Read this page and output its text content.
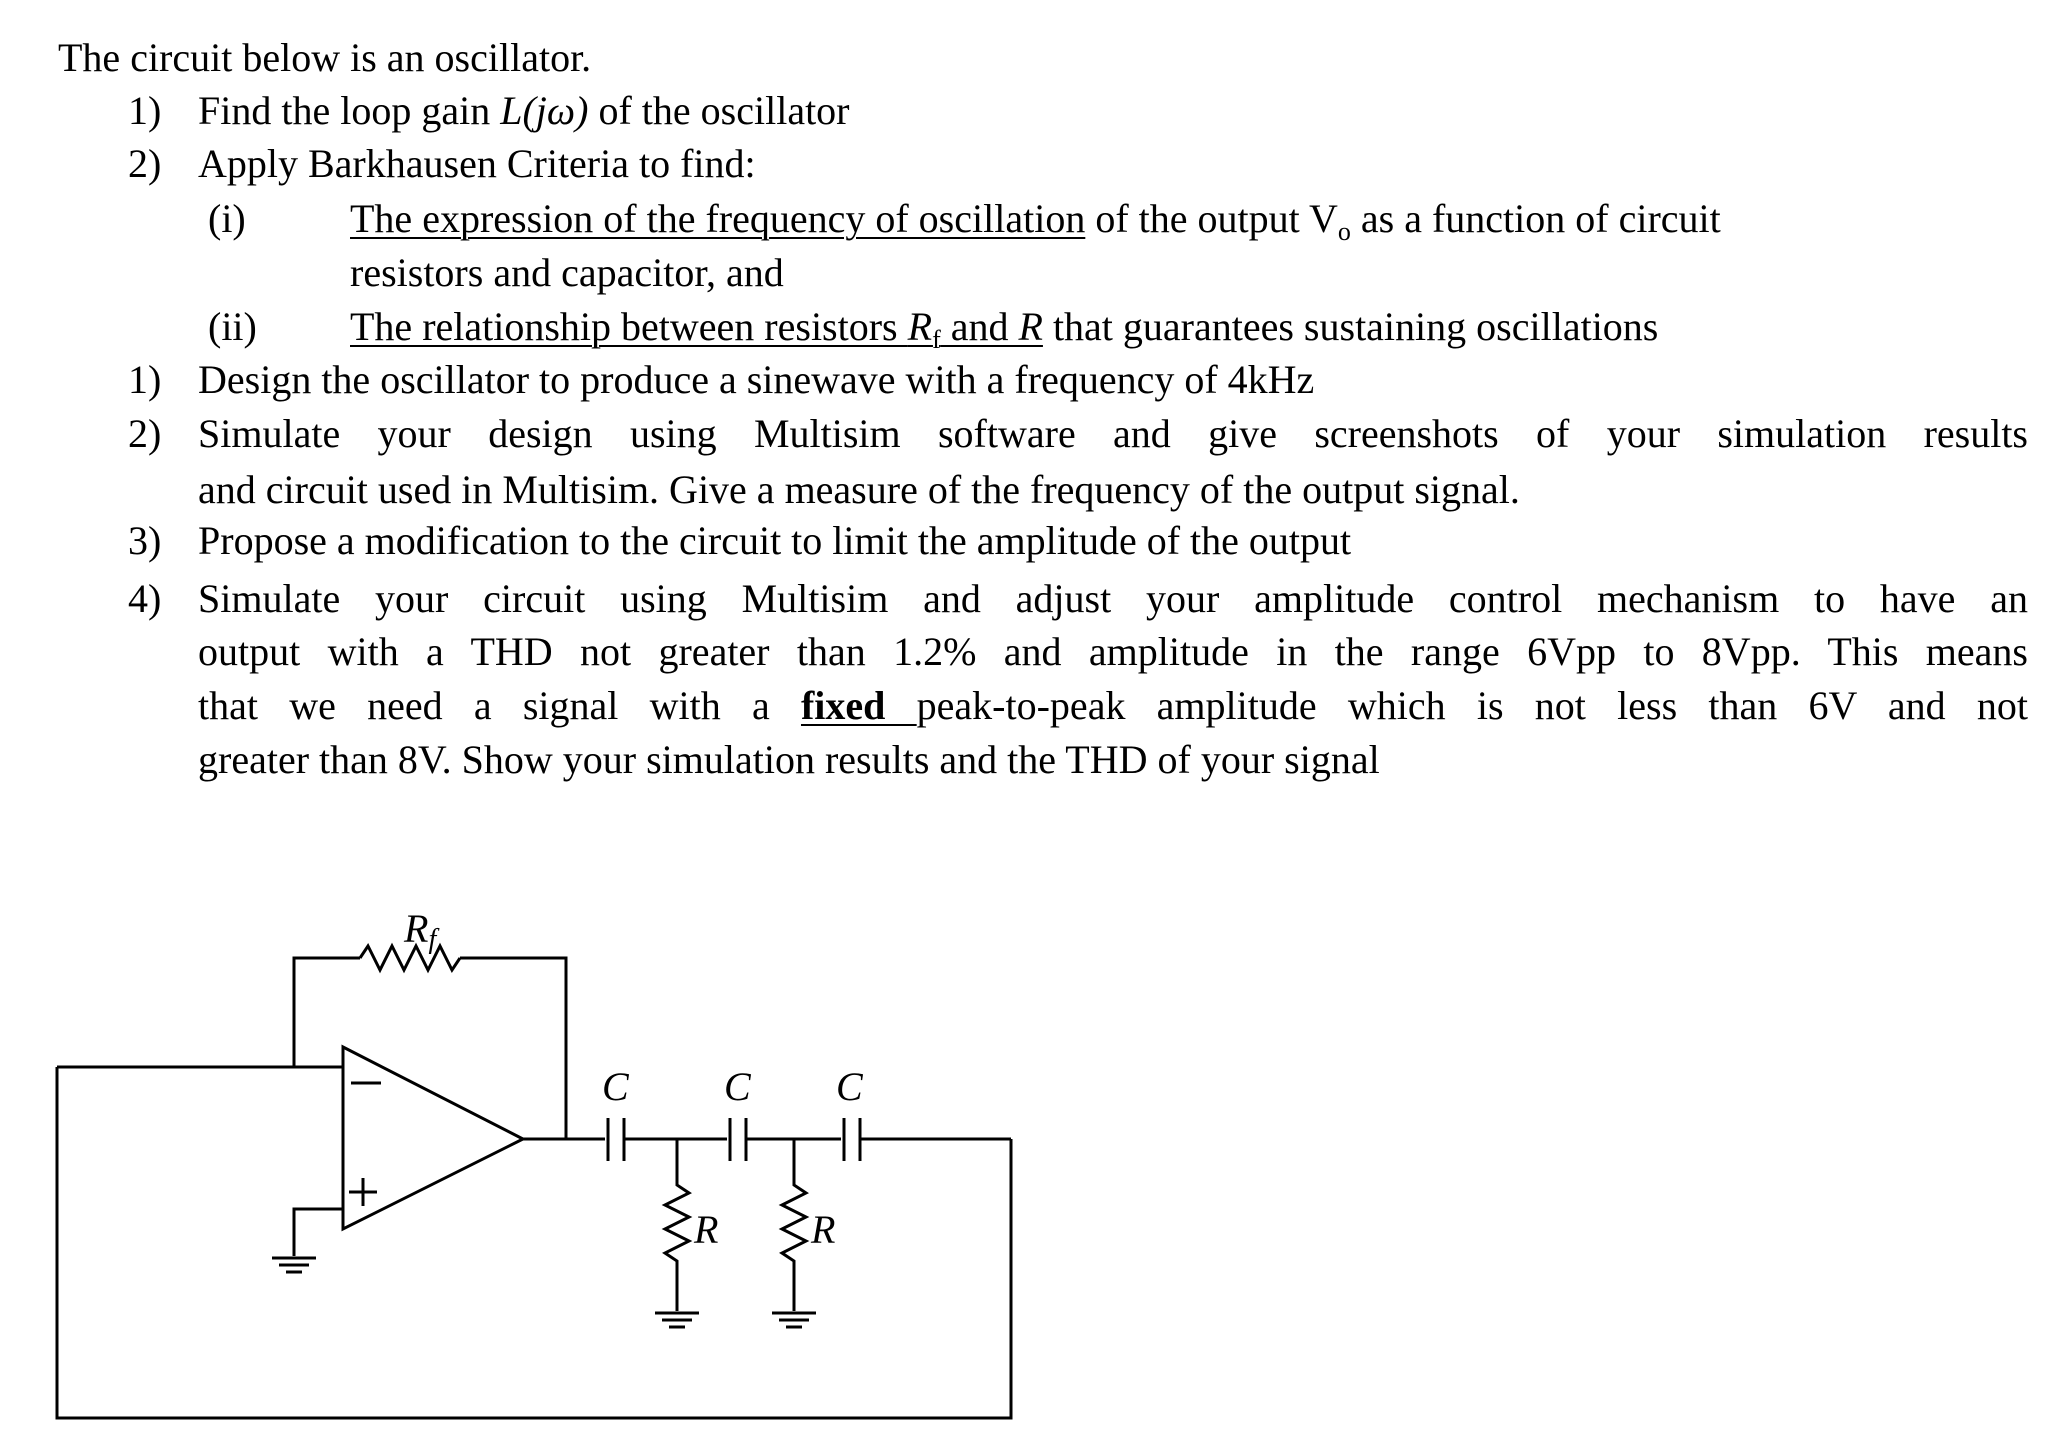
The circuit below is an oscillator.
1) Find the loop gain L(jω) of the oscillator
2) Apply Barkhausen Criteria to find:
(i)	The expression of the frequency of oscillation of the output $V_o$ as a function of circuit
resistors and capacitor, and
(ii) The relationship between resistors $R_f$ and R that guarantees sustaining oscillations
1) Design the oscillator to produce a sinewave with a frequency of 4kHz
2) Simulate your design using Multisim software and give screenshots of your simulation results
and circuit used in Multisim. Give a measure of the frequency of the output signal.
3) Propose a modification to the circuit to limit the amplitude of the output
4) Simulate your circuit using Multisim and adjust your amplitude control mechanism to have an
output with a THD not greater than 1.2% and amplitude in the range 6Vpp to 8Vpp. This means
that we need a signal with a fixed peak-to-peak amplitude which is not less than 6V and not
greater than 8V. Show your simulation results and the THD of your signal
Rf
C C C
R R
